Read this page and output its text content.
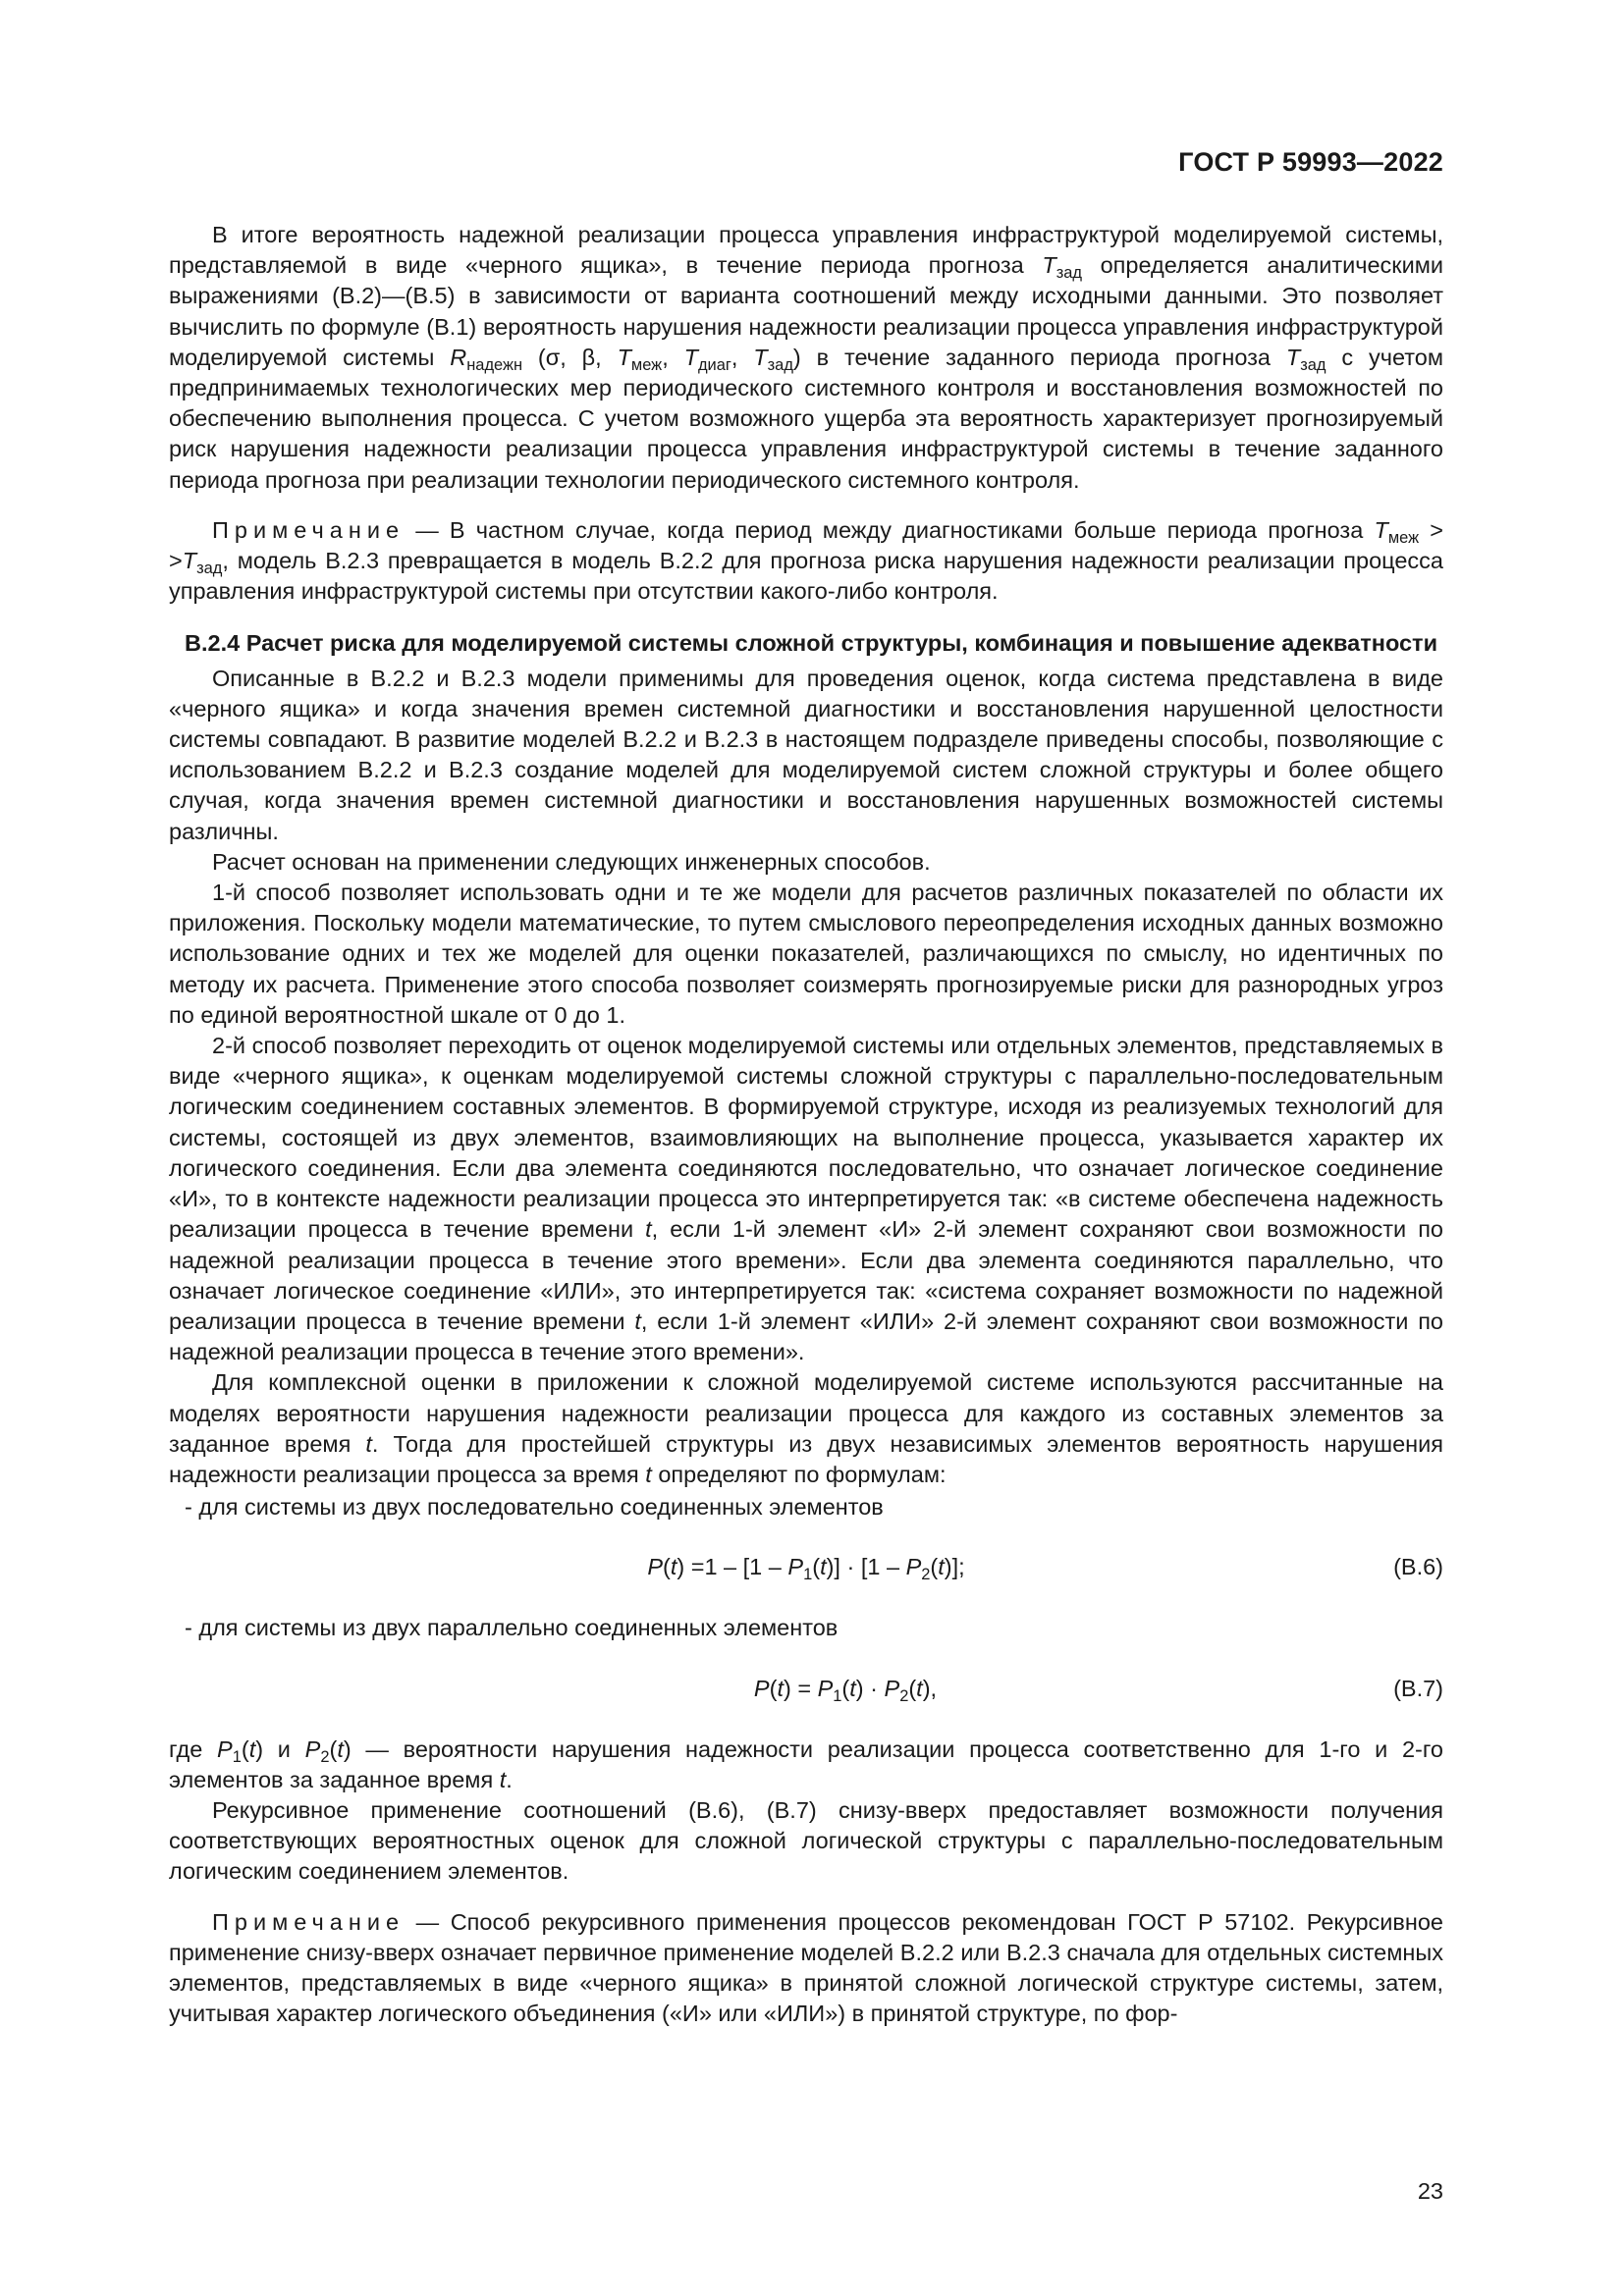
ГОСТ Р 59993—2022

В итоге вероятность надежной реализации процесса управления инфраструктурой моделируемой системы, представляемой в виде «черного ящика», в течение периода прогноза $T_{зад}$ определяется аналитическими выражениями (В.2)—(В.5) в зависимости от варианта соотношений между исходными данными. Это позволяет вычислить по формуле (В.1) вероятность нарушения надежности реализации процесса управления инфраструктурой моделируемой системы $R_{надежн}$ (σ, β, $T_{меж}$, $T_{диаг}$, $T_{зад}$) в течение заданного периода прогноза $T_{зад}$ с учетом предпринимаемых технологических мер периодического системного контроля и восстановления возможностей по обеспечению выполнения процесса. С учетом возможного ущерба эта вероятность характеризует прогнозируемый риск нарушения надежности реализации процесса управления инфраструктурой системы в течение заданного периода прогноза при реализации технологии периодического системного контроля.

Примечание — В частном случае, когда период между диагностиками больше периода прогноза $T_{меж} > >T_{зад}$, модель В.2.3 превращается в модель В.2.2 для прогноза риска нарушения надежности реализации процесса управления инфраструктурой системы при отсутствии какого-либо контроля.

В.2.4 Расчет риска для моделируемой системы сложной структуры, комбинация и повышение адекватности

Описанные в В.2.2 и В.2.3 модели применимы для проведения оценок, когда система представлена в виде «черного ящика» и когда значения времен системной диагностики и восстановления нарушенной целостности системы совпадают. В развитие моделей В.2.2 и В.2.3 в настоящем подразделе приведены способы, позволяющие с использованием В.2.2 и В.2.3 создание моделей для моделируемой систем сложной структуры и более общего случая, когда значения времен системной диагностики и восстановления нарушенных возможностей системы различны.

Расчет основан на применении следующих инженерных способов.

1-й способ позволяет использовать одни и те же модели для расчетов различных показателей по области их приложения. Поскольку модели математические, то путем смыслового переопределения исходных данных возможно использование одних и тех же моделей для оценки показателей, различающихся по смыслу, но идентичных по методу их расчета. Применение этого способа позволяет соизмерять прогнозируемые риски для разнородных угроз по единой вероятностной шкале от 0 до 1.

2-й способ позволяет переходить от оценок моделируемой системы или отдельных элементов, представляемых в виде «черного ящика», к оценкам моделируемой системы сложной структуры с параллельно-последовательным логическим соединением составных элементов. В формируемой структуре, исходя из реализуемых технологий для системы, состоящей из двух элементов, взаимовлияющих на выполнение процесса, указывается характер их логического соединения. Если два элемента соединяются последовательно, что означает логическое соединение «И», то в контексте надежности реализации процесса это интерпретируется так: «в системе обеспечена надежность реализации процесса в течение времени t, если 1-й элемент «И» 2-й элемент сохраняют свои возможности по надежной реализации процесса в течение этого времени». Если два элемента соединяются параллельно, что означает логическое соединение «ИЛИ», это интерпретируется так: «система сохраняет возможности по надежной реализации процесса в течение времени t, если 1-й элемент «ИЛИ» 2-й элемент сохраняют свои возможности по надежной реализации процесса в течение этого времени».

Для комплексной оценки в приложении к сложной моделируемой системе используются рассчитанные на моделях вероятности нарушения надежности реализации процесса для каждого из составных элементов за заданное время t. Тогда для простейшей структуры из двух независимых элементов вероятность нарушения надежности реализации процесса за время t определяют по формулам:

- для системы из двух последовательно соединенных элементов

$P(t) =1 - [1 - P_1(t)] \cdot [1 - P_2(t)]$;	(В.6)

- для системы из двух параллельно соединенных элементов

$P(t) = P_1(t) \cdot P_2(t)$,	(В.7)

где $P_1(t)$ и $P_2(t)$ — вероятности нарушения надежности реализации процесса соответственно для 1-го и 2-го элементов за заданное время t.

Рекурсивное применение соотношений (В.6), (В.7) снизу-вверх предоставляет возможности получения соответствующих вероятностных оценок для сложной логической структуры с параллельно-последовательным логическим соединением элементов.

Примечание — Способ рекурсивного применения процессов рекомендован ГОСТ Р 57102. Рекурсивное применение снизу-вверх означает первичное применение моделей В.2.2 или В.2.3 сначала для отдельных системных элементов, представляемых в виде «черного ящика» в принятой сложной логической структуре системы, затем, учитывая характер логического объединения («И» или «ИЛИ») в принятой структуре, по фор-

23
